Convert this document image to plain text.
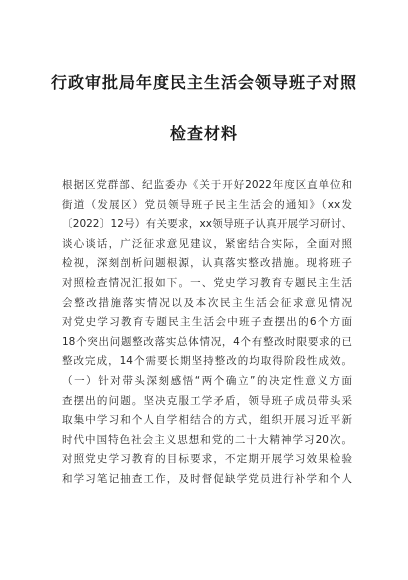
行政审批局年度民主生活会领导班子对照
检查材料
根据区党群部、纪监委办《关于开好2022年度区直单位和
街道（发展区）党员领导班子民主生活会的通知》（xx发
〔2022〕12号）有关要求，xx领导班子认真开展学习研讨、
谈心谈话，广泛征求意见建议，紧密结合实际，全面对照
检视，深刻剖析问题根源，认真落实整改措施。现将班子
对照检查情况汇报如下。一、党史学习教育专题民主生活
会整改措施落实情况以及本次民主生活会征求意见情况
对党史学习教育专题民主生活会中班子查摆出的6个方面
18个突出问题整改落实总体情况，4个有整改时限要求的已
整改完成，14个需要长期坚持整改的均取得阶段性成效。
（一）针对带头深刻感悟“两个确立”的决定性意义方面
查摆出的问题。坚决克服工学矛盾，领导班子成员带头采
取集中学习和个人自学相结合的方式，组织开展习近平新
时代中国特色社会主义思想和党的二十大精神学习20次。
对照党史学习教育的目标要求，不定期开展学习效果检验
和学习笔记抽查工作，及时督促缺学党员进行补学和个人
